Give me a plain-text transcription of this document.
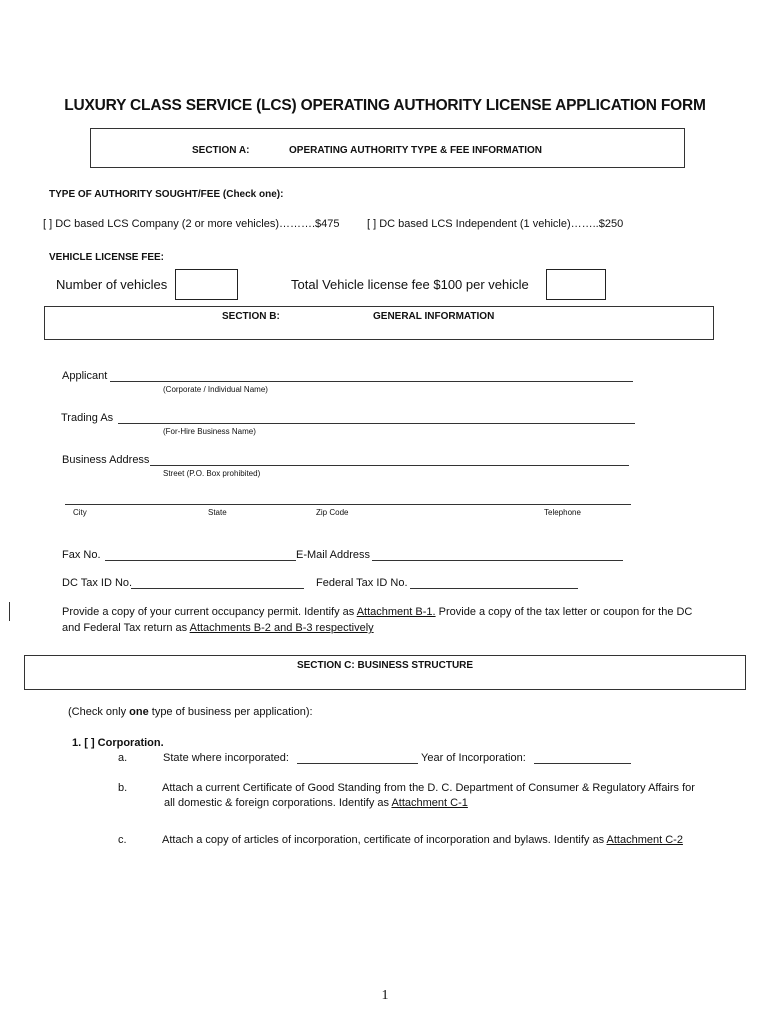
LUXURY CLASS SERVICE (LCS) OPERATING AUTHORITY LICENSE APPLICATION FORM
SECTION A:	OPERATING AUTHORITY TYPE & FEE INFORMATION
TYPE OF AUTHORITY SOUGHT/FEE (Check one):
[ ] DC based LCS Company (2 or more vehicles)……….$475 [ ] DC based LCS Independent (1 vehicle)……..$250
VEHICLE LICENSE FEE:
Number of vehicles	Total Vehicle license fee $100 per vehicle
SECTION B:	GENERAL INFORMATION
Applicant
(Corporate / Individual Name)
Trading As
(For-Hire Business Name)
Business Address
Street (P.O. Box prohibited)
City	State	Zip Code	Telephone
Fax No.	E-Mail Address
DC Tax ID No.	Federal Tax ID No.
Provide a copy of your current occupancy permit. Identify as Attachment B-1. Provide a copy of the tax letter or coupon for the DC
and Federal Tax return as Attachments B-2 and B-3 respectively
SECTION C: BUSINESS STRUCTURE
(Check only one type of business per application):
1. [ ] Corporation.
a.	State where incorporated:	Year of Incorporation:
b.	Attach a current Certificate of Good Standing from the D. C. Department of Consumer & Regulatory Affairs for
all domestic & foreign corporations. Identify as Attachment C-1
c.	Attach a copy of articles of incorporation, certificate of incorporation and bylaws. Identify as Attachment C-2
1
